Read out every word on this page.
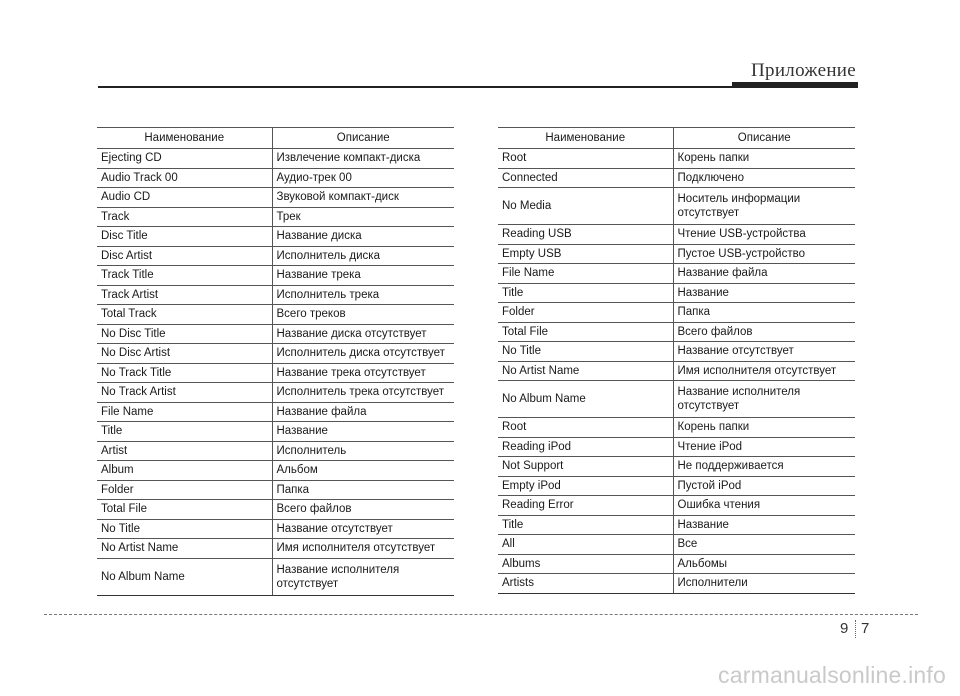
Приложение
Наименование	Описание
Ejecting CD	Извлечение компакт-диска
Audio Track 00	Аудио-трек 00
Audio CD	Звуковой компакт-диск
Track	Трек
Disc Title	Название диска
Disc Artist	Исполнитель диска
Track Title	Название трека
Track Artist	Исполнитель трека
Total Track	Всего треков
No Disc Title	Название диска отсутствует
No Disc Artist	Исполнитель диска отсутствует
No Track Title	Название трека отсутствует
No Track Artist	Исполнитель трека отсутствует
File Name	Название файла
Title	Название
Artist	Исполнитель
Album	Альбом
Folder	Папка
Total File	Всего файлов
No Title	Название отсутствует
No Artist Name	Имя исполнителя отсутствует
No Album Name	Название исполнителя отсутствует
Наименование	Описание
Root	Корень папки
Connected	Подключено
No Media	Носитель информации отсутствует
Reading USB	Чтение USB-устройства
Empty USB	Пустое USB-устройство
File Name	Название файла
Title	Название
Folder	Папка
Total File	Всего файлов
No Title	Название отсутствует
No Artist Name	Имя исполнителя отсутствует
No Album Name	Название исполнителя отсутствует
Root	Корень папки
Reading iPod	Чтение iPod
Not Support	Не поддерживается
Empty iPod	Пустой iPod
Reading Error	Ошибка чтения
Title	Название
All	Все
Albums	Альбомы
Artists	Исполнители
9 7
carmanualsonline.info
